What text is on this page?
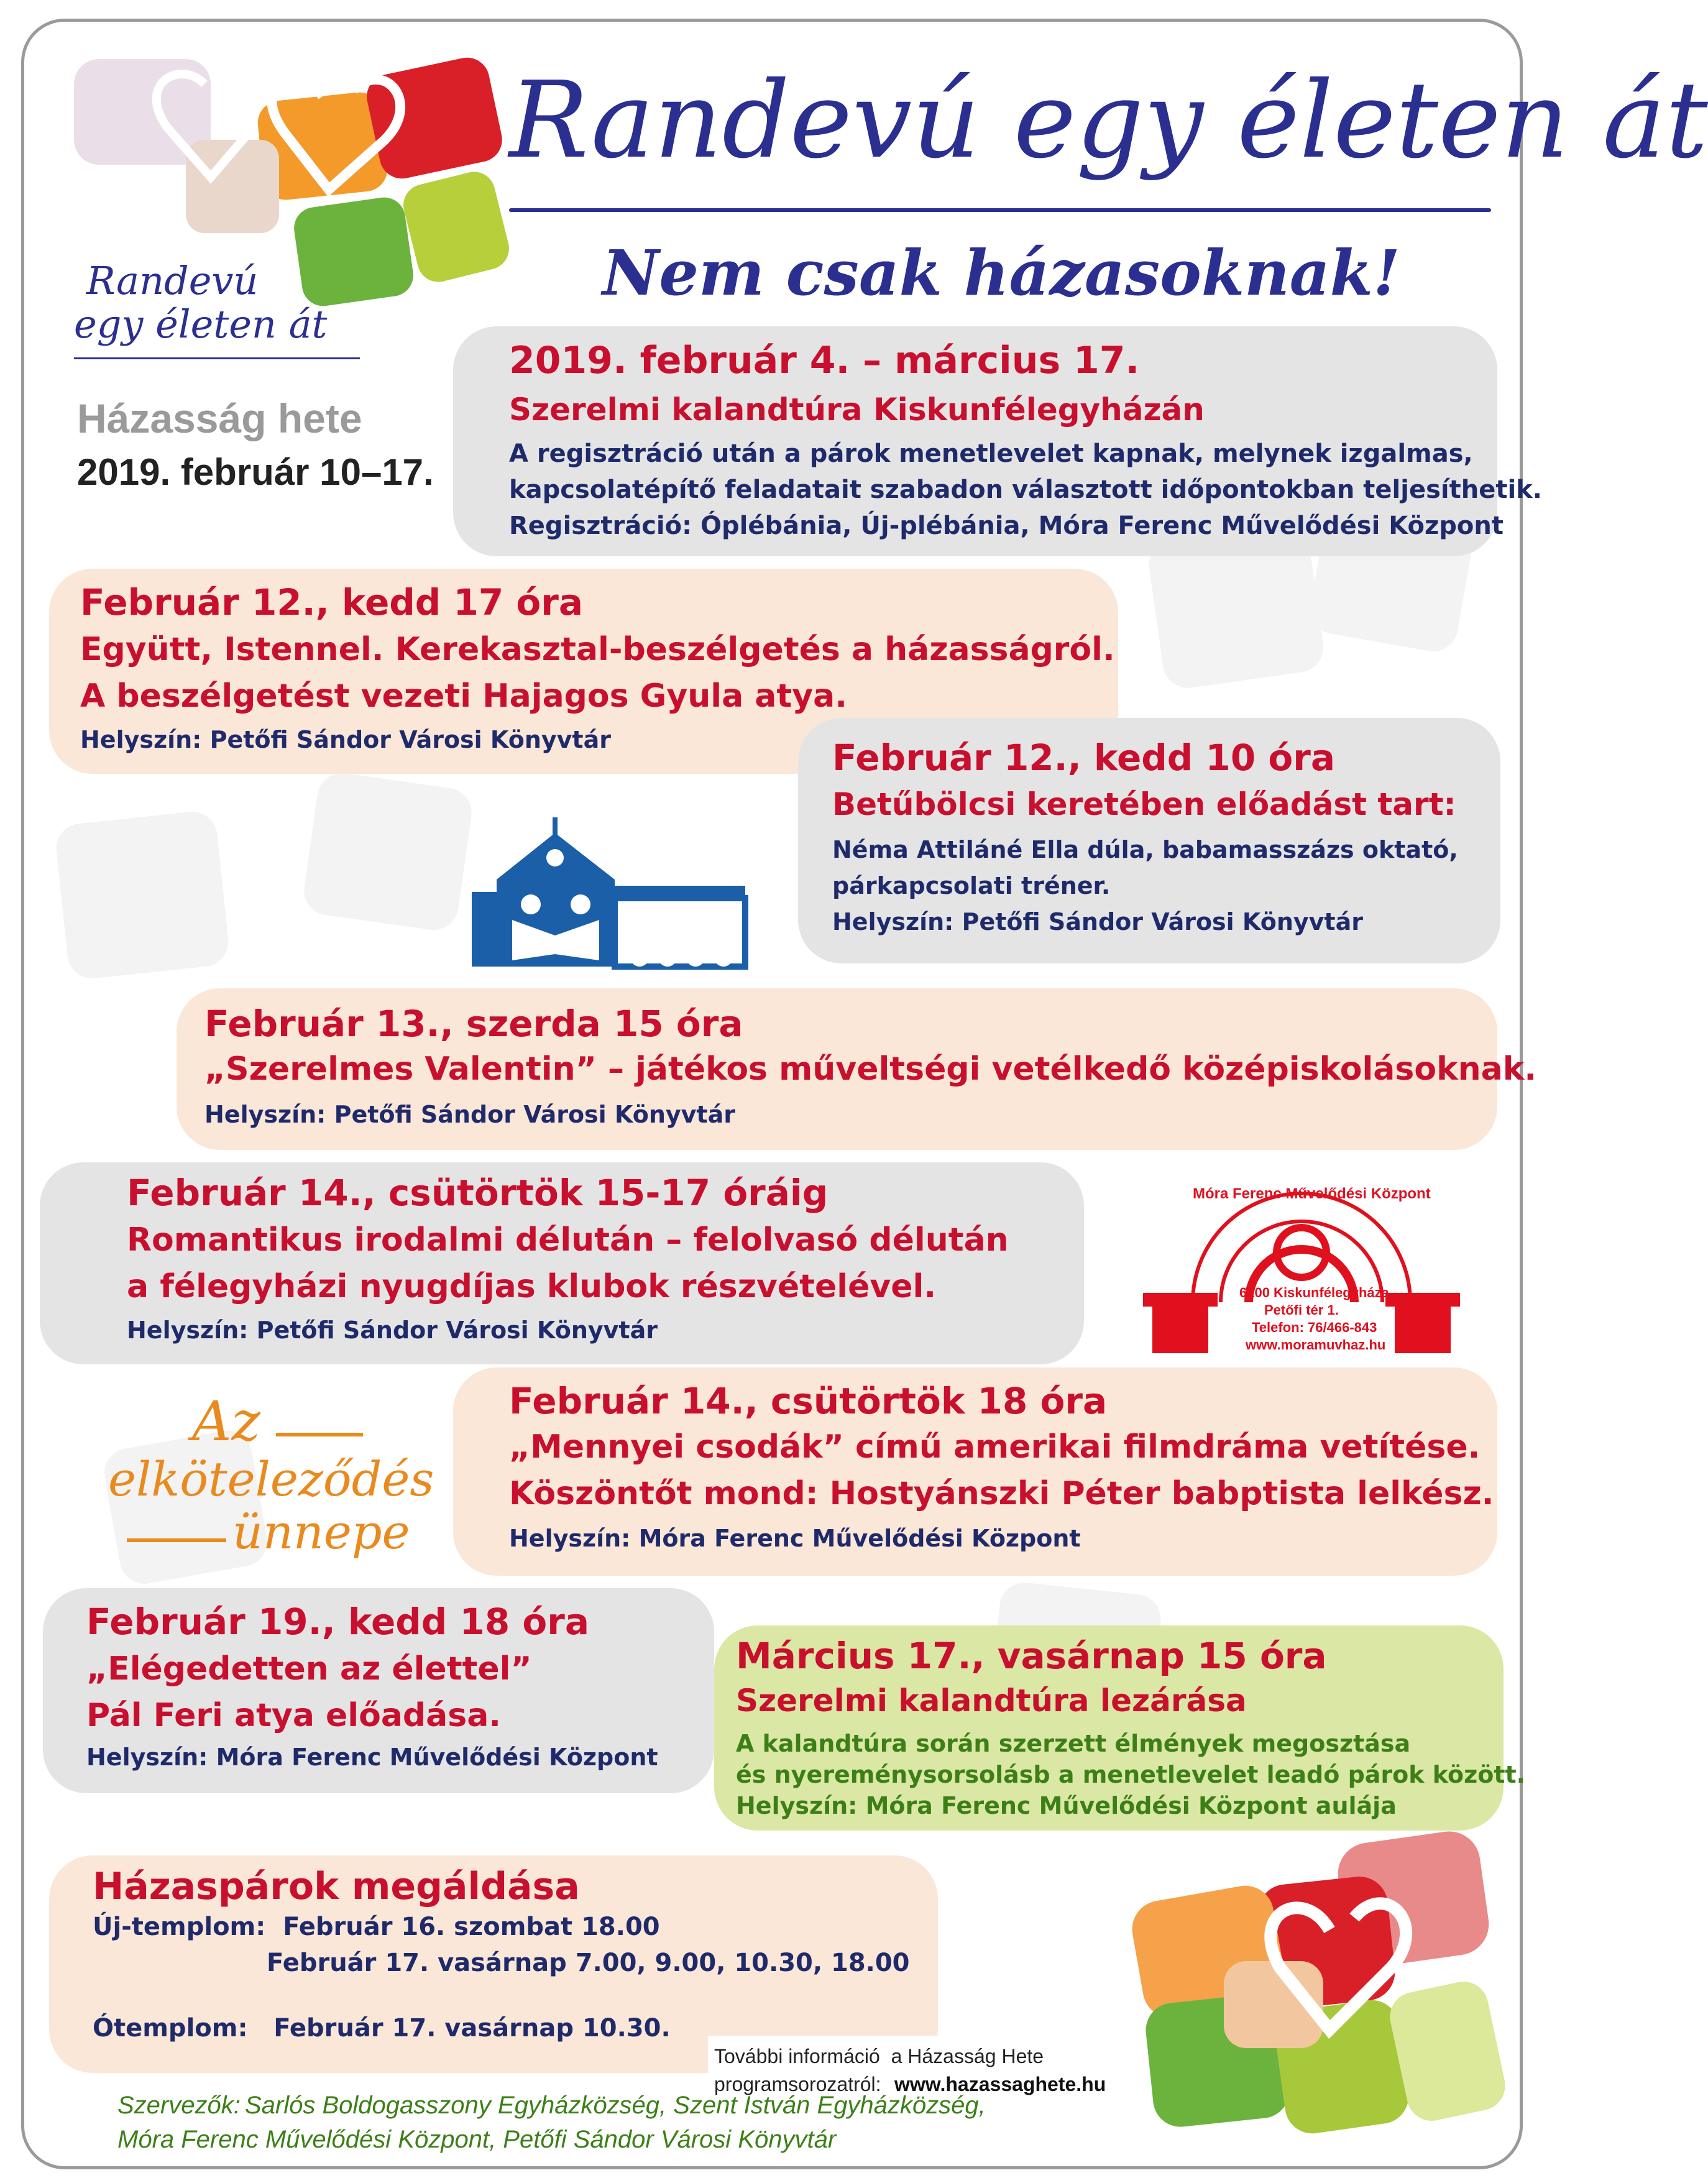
Randevú
egy életen át
Házasság hete
2019. február 10–17.
Randevú egy életen át
Nem csak házasoknak!
2019. február 4. – március 17.
Szerelmi kalandtúra Kiskunfélegyházán
A regisztráció után a párok menetlevelet kapnak, melynek izgalmas,
kapcsolatépítő feladatait szabadon választott időpontokban teljesíthetik.
Regisztráció: Óplébánia, Új-plébánia, Móra Ferenc Művelődési Központ
Február 12., kedd 17 óra
Együtt, Istennel. Kerekasztal-beszélgetés a házasságról.
A beszélgetést vezeti Hajagos Gyula atya.
Helyszín: Petőfi Sándor Városi Könyvtár	Február 12., kedd 10 óra
Betűbölcsi keretében előadást tart:
Néma Attiláné Ella dúla, babamasszázs oktató,
párkapcsolati tréner.
Helyszín: Petőfi Sándor Városi Könyvtár
Február 13., szerda 15 óra
„Szerelmes Valentin” – játékos műveltségi vetélkedő középiskolásoknak.
Helyszín: Petőfi Sándor Városi Könyvtár
Február 14., csütörtök 15-17 óráig
Romantikus irodalmi délután – felolvasó délután
a félegyházi nyugdíjas klubok részvételével.
Helyszín: Petőfi Sándor Városi Könyvtár
Móra Ferenc Művelődési Központ
6100 Kiskunfélegyháza,
Petőfi tér 1.
Telefon: 76/466-843
www.moramuvhaz.hu
Az
elköteleződés
ünnepe
Február 14., csütörtök 18 óra
„Mennyei csodák” című amerikai filmdráma vetítése.
Köszöntőt mond: Hostyánszki Péter babptista lelkész.
Helyszín: Móra Ferenc Művelődési Központ
Február 19., kedd 18 óra
„Elégedetten az élettel”
Pál Feri atya előadása.
Helyszín: Móra Ferenc Művelődési Központ
Március 17., vasárnap 15 óra
Szerelmi kalandtúra lezárása
A kalandtúra során szerzett élmények megosztása
és nyereménysorsolásb a menetlevelet leadó párok között.
Helyszín: Móra Ferenc Művelődési Központ aulája
Házaspárok megáldása
Új-templom:  Február 16. szombat 18.00
Február 17. vasárnap 7.00, 9.00, 10.30, 18.00
Ótemplom:   Február 17. vasárnap 10.30.
További információ  a Házasság Hete
programsorozatról: www.hazassaghete.hu
Szervezők: Sarlós Boldogasszony Egyházközség, Szent István Egyházközség,
Móra Ferenc Művelődési Központ, Petőfi Sándor Városi Könyvtár
